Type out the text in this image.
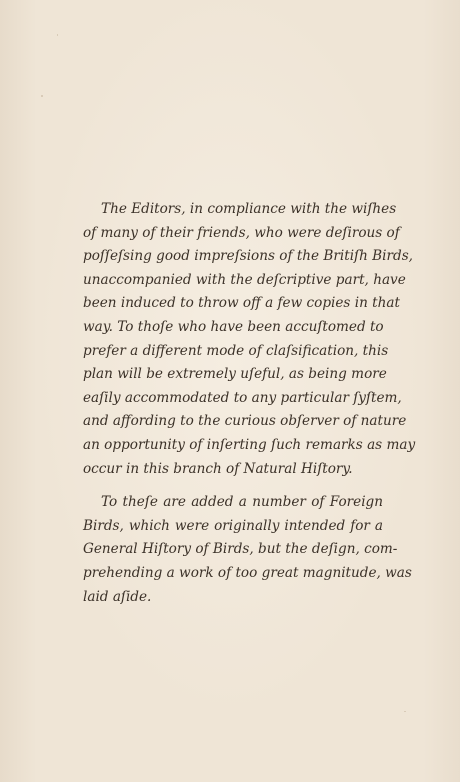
The Editors, in compliance with the wiſhes
of many of their friends, who were deſirous of
poſſeſsing good impreſsions of the Britiſh Birds,
unaccompanied with the deſcriptive part, have
been induced to throw off a few copies in that
way. To thoſe who have been accuſtomed to
prefer a different mode of claſsification, this
plan will be extremely uſeful, as being more
eaſily accommodated to any particular ſyſtem,
and affording to the curious obſerver of nature
an opportunity of inſerting ſuch remarks as may
occur in this branch of Natural Hiſtory.
To theſe are added a number of Foreign
Birds, which were originally intended for a
General Hiſtory of Birds, but the deſign, com-
prehending a work of too great magnitude, was
laid aſide.
